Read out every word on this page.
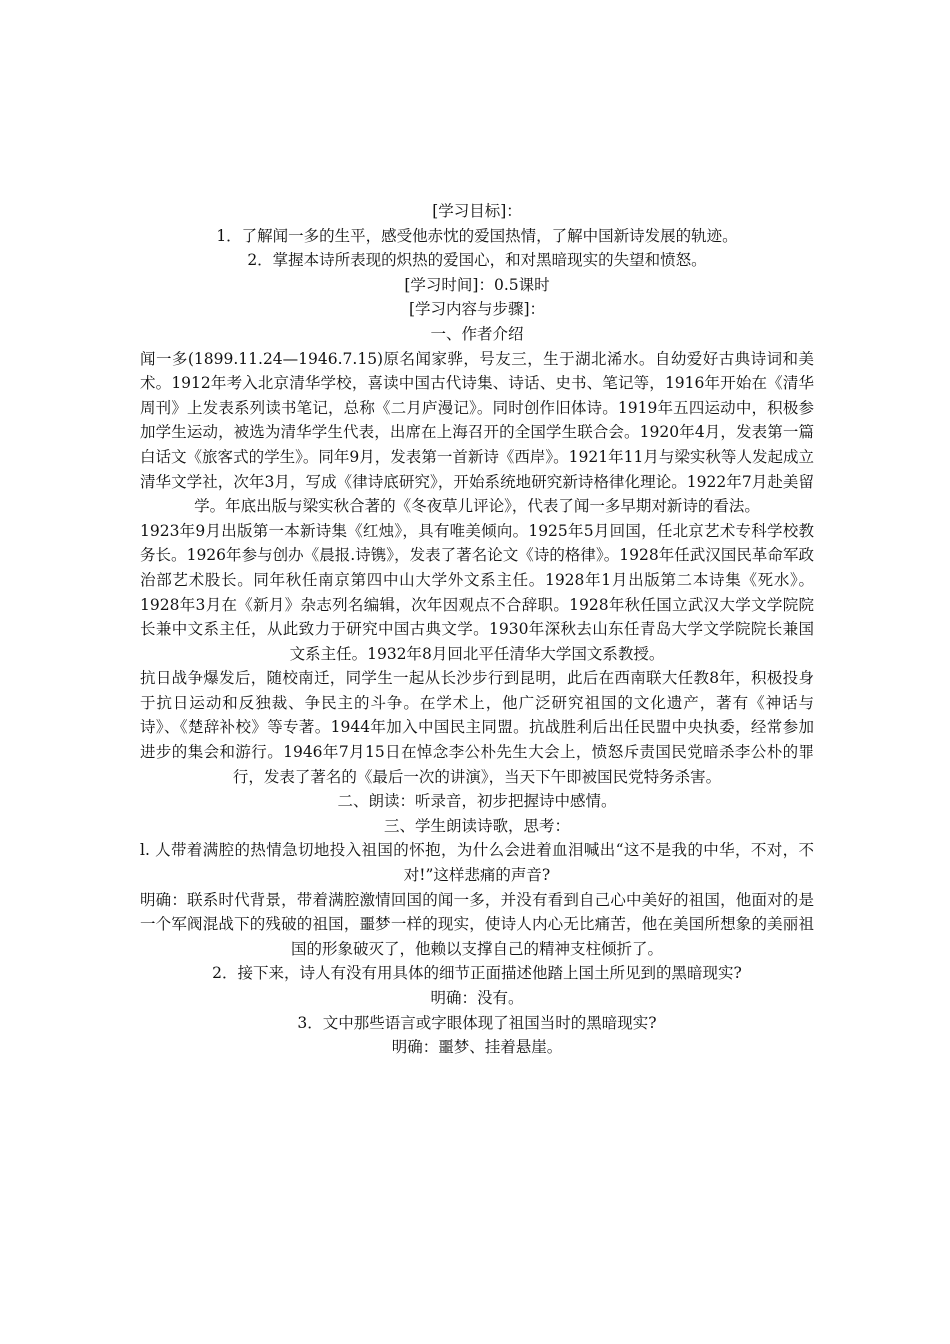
[学习目标]：

1．了解闻一多的生平，感受他赤忱的爱国热情，了解中国新诗发展的轨迹。

2．掌握本诗所表现的炽热的爱国心，和对黑暗现实的失望和愤怒。

[学习时间]：0.5课时

[学习内容与步骤]：

一、作者介绍

闻一多(1899.11.24—1946.7.15)原名闻家骅，号友三，生于湖北浠水。自幼爱好古典诗词和美术。1912年考入北京清华学校，喜读中国古代诗集、诗话、史书、笔记等，1916年开始在《清华周刊》上发表系列读书笔记，总称《二月庐漫记》。同时创作旧体诗。1919年五四运动中，积极参加学生运动，被选为清华学生代表，出席在上海召开的全国学生联合会。1920年4月，发表第一篇白话文《旅客式的学生》。同年9月，发表第一首新诗《西岸》。1921年11月与梁实秋等人发起成立清华文学社，次年3月，写成《律诗底研究》，开始系统地研究新诗格律化理论。1922年7月赴美留学。年底出版与梁实秋合著的《冬夜草儿评论》，代表了闻一多早期对新诗的看法。

1923年9月出版第一本新诗集《红烛》，具有唯美倾向。1925年5月回国，任北京艺术专科学校教务长。1926年参与创办《晨报.诗镌》，发表了著名论文《诗的格律》。1928年任武汉国民革命军政治部艺术股长。同年秋任南京第四中山大学外文系主任。1928年1月出版第二本诗集《死水》。1928年3月在《新月》杂志列名编辑，次年因观点不合辞职。1928年秋任国立武汉大学文学院院长兼中文系主任，从此致力于研究中国古典文学。1930年深秋去山东任青岛大学文学院院长兼国文系主任。1932年8月回北平任清华大学国文系教授。

抗日战争爆发后，随校南迁，同学生一起从长沙步行到昆明，此后在西南联大任教8年，积极投身于抗日运动和反独裁、争民主的斗争。在学术上，他广泛研究祖国的文化遗产，著有《神话与诗》、《楚辞补校》等专著。1944年加入中国民主同盟。抗战胜利后出任民盟中央执委，经常参加进步的集会和游行。1946年7月15日在悼念李公朴先生大会上，愤怒斥责国民党暗杀李公朴的罪行，发表了著名的《最后一次的讲演》，当天下午即被国民党特务杀害。

二、朗读：听录音，初步把握诗中感情。

三、学生朗读诗歌，思考：

l. 人带着满腔的热情急切地投入祖国的怀抱，为什么会进着血泪喊出“这不是我的中华，不对，不对!”这样悲痛的声音?

明确：联系时代背景，带着满腔激情回国的闻一多，并没有看到自己心中美好的祖国，他面对的是一个军阀混战下的残破的祖国，噩梦一样的现实，使诗人内心无比痛苦，他在美国所想象的美丽祖国的形象破灭了，他赖以支撑自己的精神支柱倾折了。

2．接下来，诗人有没有用具体的细节正面描述他踏上国土所见到的黑暗现实?

明确：没有。

3．文中那些语言或字眼体现了祖国当时的黑暗现实?

明确：噩梦、挂着悬崖。
